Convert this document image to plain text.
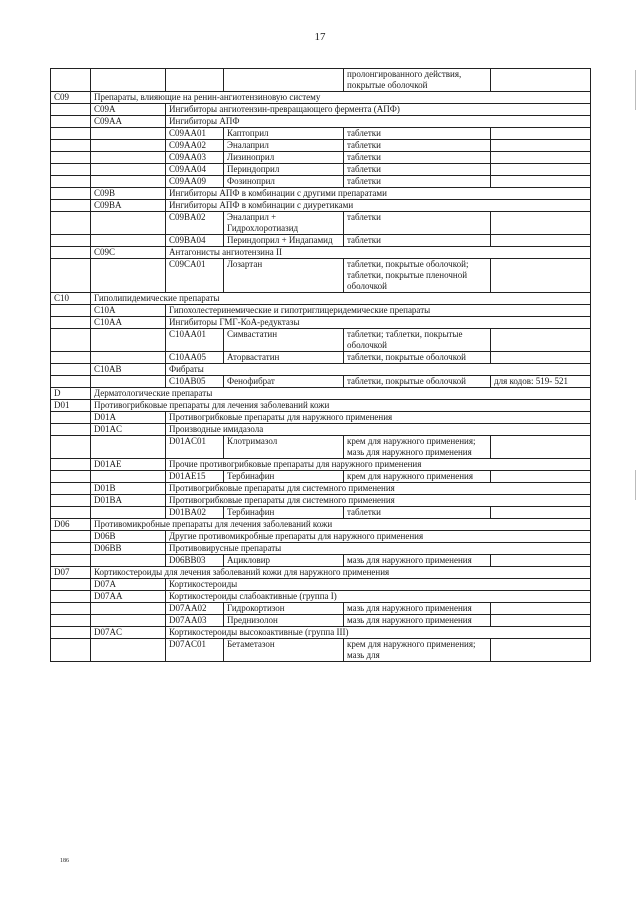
17
				пролонгированного действия, покрытые оболочкой	
C09	Препараты, влияющие на ренин-ангиотензиновую систему				
	C09A	Ингибиторы ангиотензин-превращающего фермента (АПФ)			
	C09AA	Ингибиторы АПФ			
		C09AA01	Каптоприл	таблетки	
		C09AA02	Эналаприл	таблетки	
		C09AA03	Лизиноприл	таблетки	
		C09AA04	Периндоприл	таблетки	
		C09AA09	Фозиноприл	таблетки	
	C09B	Ингибиторы АПФ в комбинации с другими препаратами			
	C09BA	Ингибиторы АПФ в комбинации с диуретиками			
		C09BA02	Эналаприл + Гидрохлоротиазид	таблетки	
		C09BA04	Периндоприл + Индапамид	таблетки	
	C09C	Антагонисты ангиотензина II			
		C09CA01	Лозартан	таблетки, покрытые оболочкой; таблетки, покрытые пленочной оболочкой	
C10	Гиполипидемические препараты				
	C10A	Гипохолестеринемические и гипотриглицеридемические препараты			
	C10AA	Ингибиторы ГМГ-КоА-редуктазы			
		C10AA01	Симвастатин	таблетки; таблетки, покрытые оболочкой	
		C10AA05	Аторвастатин	таблетки, покрытые оболочкой	
	C10AB	Фибраты			
		C10AB05	Фенофибрат	таблетки, покрытые оболочкой	для кодов: 519- 521
D	Дерматологические препараты				
D01	Противогрибковые препараты для лечения заболеваний кожи				
	D01A	Противогрибковые препараты для наружного применения			
	D01AC	Производные имидазола			
		D01AC01	Клотримазол	крем для наружного применения; мазь для наружного применения	
	D01AE	Прочие противогрибковые препараты для наружного применения			
		D01AE15	Тербинафин	крем для наружного применения	
	D01B	Противогрибковые препараты для системного применения			
	D01BA	Противогрибковые препараты для системного применения			
		D01BA02	Тербинафин	таблетки	
D06	Противомикробные препараты для лечения заболеваний кожи				
	D06B	Другие противомикробные препараты для наружного применения			
	D06BB	Противовирусные препараты			
		D06BB03	Ацикловир	мазь для наружного применения	
D07	Кортикостероиды для лечения заболеваний кожи для наружного применения				
	D07A	Кортикостероиды			
	D07AA	Кортикостероиды слабоактивные (группа I)			
		D07AA02	Гидрокортизон	мазь для наружного применения	
		D07AA03	Преднизолон	мазь для наружного применения	
	D07AC	Кортикостероиды высокоактивные (группа III)			
		D07AC01	Бетаметазон	крем для наружного применения; мазь для	
186
